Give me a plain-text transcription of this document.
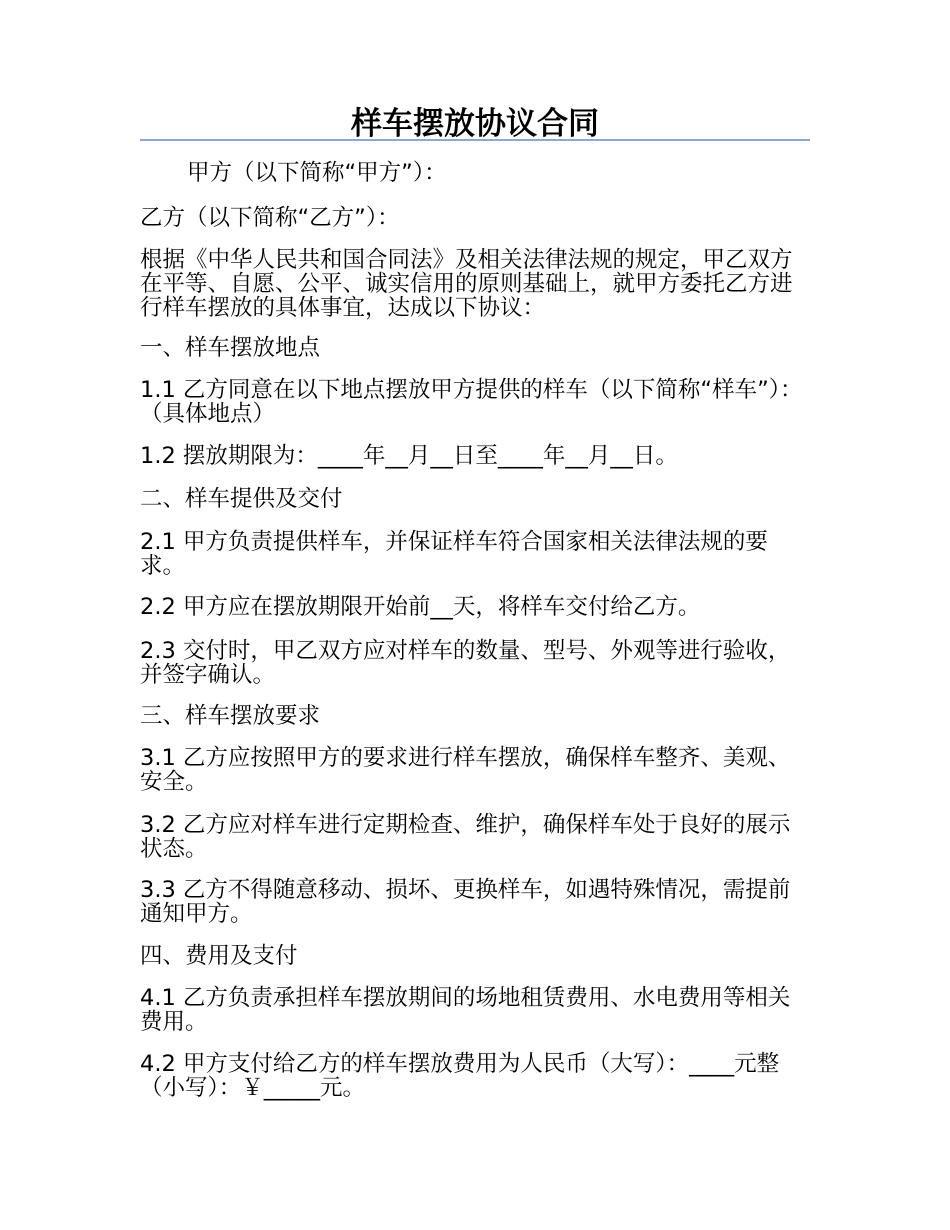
样车摆放协议合同

甲方（以下简称“甲方”）：

乙方（以下简称“乙方”）：

根据《中华人民共和国合同法》及相关法律法规的规定，甲乙双方在平等、自愿、公平、诚实信用的原则基础上，就甲方委托乙方进行样车摆放的具体事宜，达成以下协议：

一、样车摆放地点

1.1 乙方同意在以下地点摆放甲方提供的样车（以下简称“样车”）：（具体地点）

1.2 摆放期限为：____年__月__日至____年__月__日。

二、样车提供及交付

2.1 甲方负责提供样车，并保证样车符合国家相关法律法规的要求。

2.2 甲方应在摆放期限开始前__天，将样车交付给乙方。

2.3 交付时，甲乙双方应对样车的数量、型号、外观等进行验收，并签字确认。

三、样车摆放要求

3.1 乙方应按照甲方的要求进行样车摆放，确保样车整齐、美观、安全。

3.2 乙方应对样车进行定期检查、维护，确保样车处于良好的展示状态。

3.3 乙方不得随意移动、损坏、更换样车，如遇特殊情况，需提前通知甲方。

四、费用及支付

4.1 乙方负责承担样车摆放期间的场地租赁费用、水电费用等相关费用。

4.2 甲方支付给乙方的样车摆放费用为人民币（大写）：____元整（小写）：￥_____元。
